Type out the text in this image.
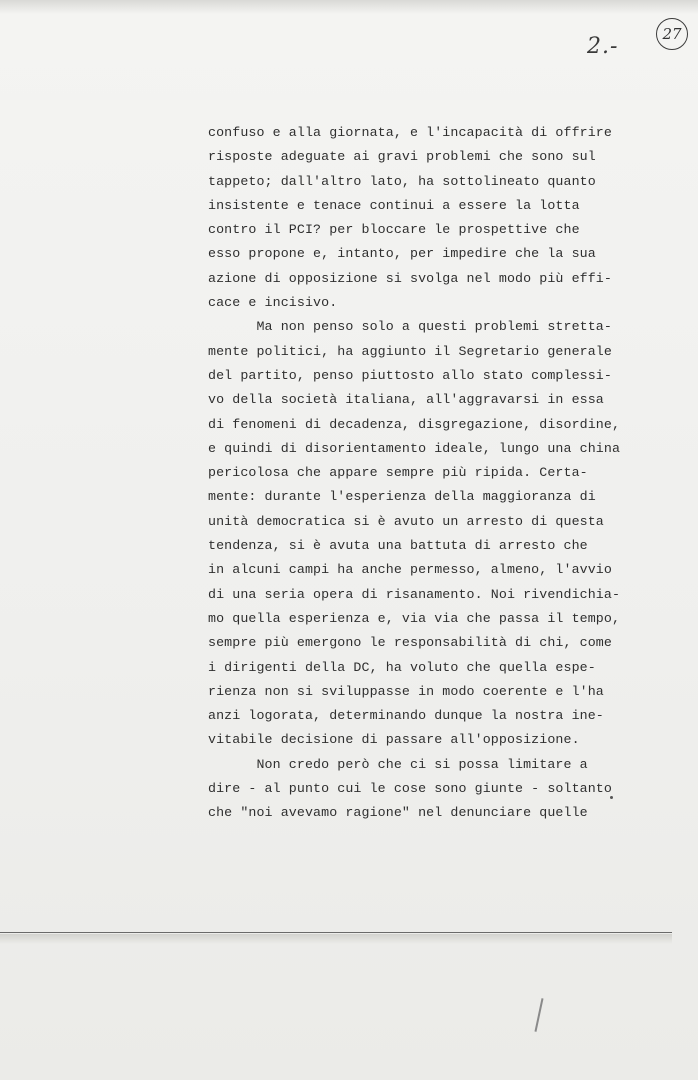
2.-	27
confuso e alla giornata, e l'incapacità di offrire
risposte adeguate ai gravi problemi che sono sul
tappeto; dall'altro lato, ha sottolineato quanto
insistente e tenace continui a essere la lotta
contro il PCI? per bloccare le prospettive che
esso propone e, intanto, per impedire che la sua
azione di opposizione si svolga nel modo più effi-
cace e incisivo.
Ma non penso solo a questi problemi stretta-
mente politici, ha aggiunto il Segretario generale
del partito, penso piuttosto allo stato complessi-
vo della società italiana, all'aggravarsi in essa
di fenomeni di decadenza, disgregazione, disordine,
e quindi di disorientamento ideale, lungo una china
pericolosa che appare sempre più ripida. Certa-
mente: durante l'esperienza della maggioranza di
unità democratica si è avuto un arresto di questa
tendenza, si è avuta una battuta di arresto che
in alcuni campi ha anche permesso, almeno, l'avvio
di una seria opera di risanamento. Noi rivendichia-
mo quella esperienza e, via via che passa il tempo,
sempre più emergono le responsabilità di chi, come
i dirigenti della DC, ha voluto che quella espe-
rienza non si sviluppasse in modo coerente e l'ha
anzi logorata, determinando dunque la nostra ine-
vitabile decisione di passare all'opposizione.
Non credo però che ci si possa limitare a
dire - al punto cui le cose sono giunte - soltanto
che "noi avevamo ragione" nel denunciare quelle
